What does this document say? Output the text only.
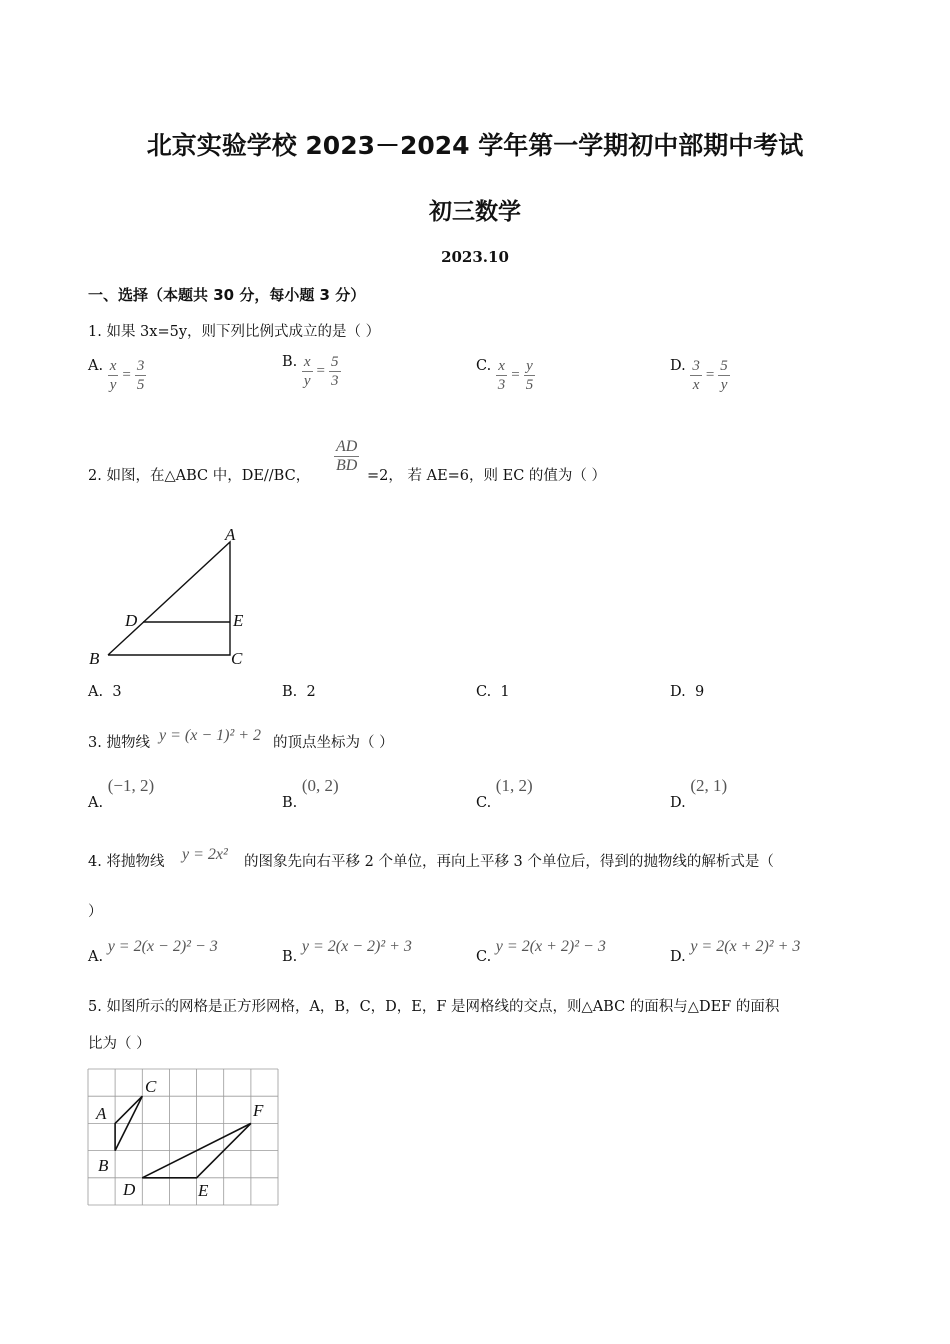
北京实验学校 2023－2024 学年第一学期初中部期中考试
初三数学
2023.10
一、选择（本题共 30 分，每小题 3 分）
1. 如果 3x=5y，则下列比例式成立的是（ ）
A. $\frac{x}{y} = \frac{3}{5}$	B. $\frac{x}{y} = \frac{5}{3}$	C. $\frac{x}{3} = \frac{y}{5}$	D. $\frac{3}{x} = \frac{5}{y}$
2. 如图，在△ABC 中，DE//BC，
$\frac{AD}{BD}$
=2， 若 AE=6，则 EC 的值为（ ）
A
B	C
D	E
A. 3	B. 2	C. 1	D. 9
3. 抛物线 y = (x − 1)² + 2 的顶点坐标为（ ）
A. (−1, 2)
B. (0, 2)
C. (1, 2)
D. (2, 1)
4. 将抛物线 y = 2x² 的图象先向右平移 2 个单位，再向上平移 3 个单位后，得到的抛物线的解析式是（
）
A. y = 2(x − 2)² − 3
B. y = 2(x − 2)² + 3
C. y = 2(x + 2)² − 3
D. y = 2(x + 2)² + 3
5. 如图所示的网格是正方形网格，A，B，C，D，E，F 是网格线的交点，则△ABC 的面积与△DEF 的面积
比为（ ）
A
B
C
D	E
F
